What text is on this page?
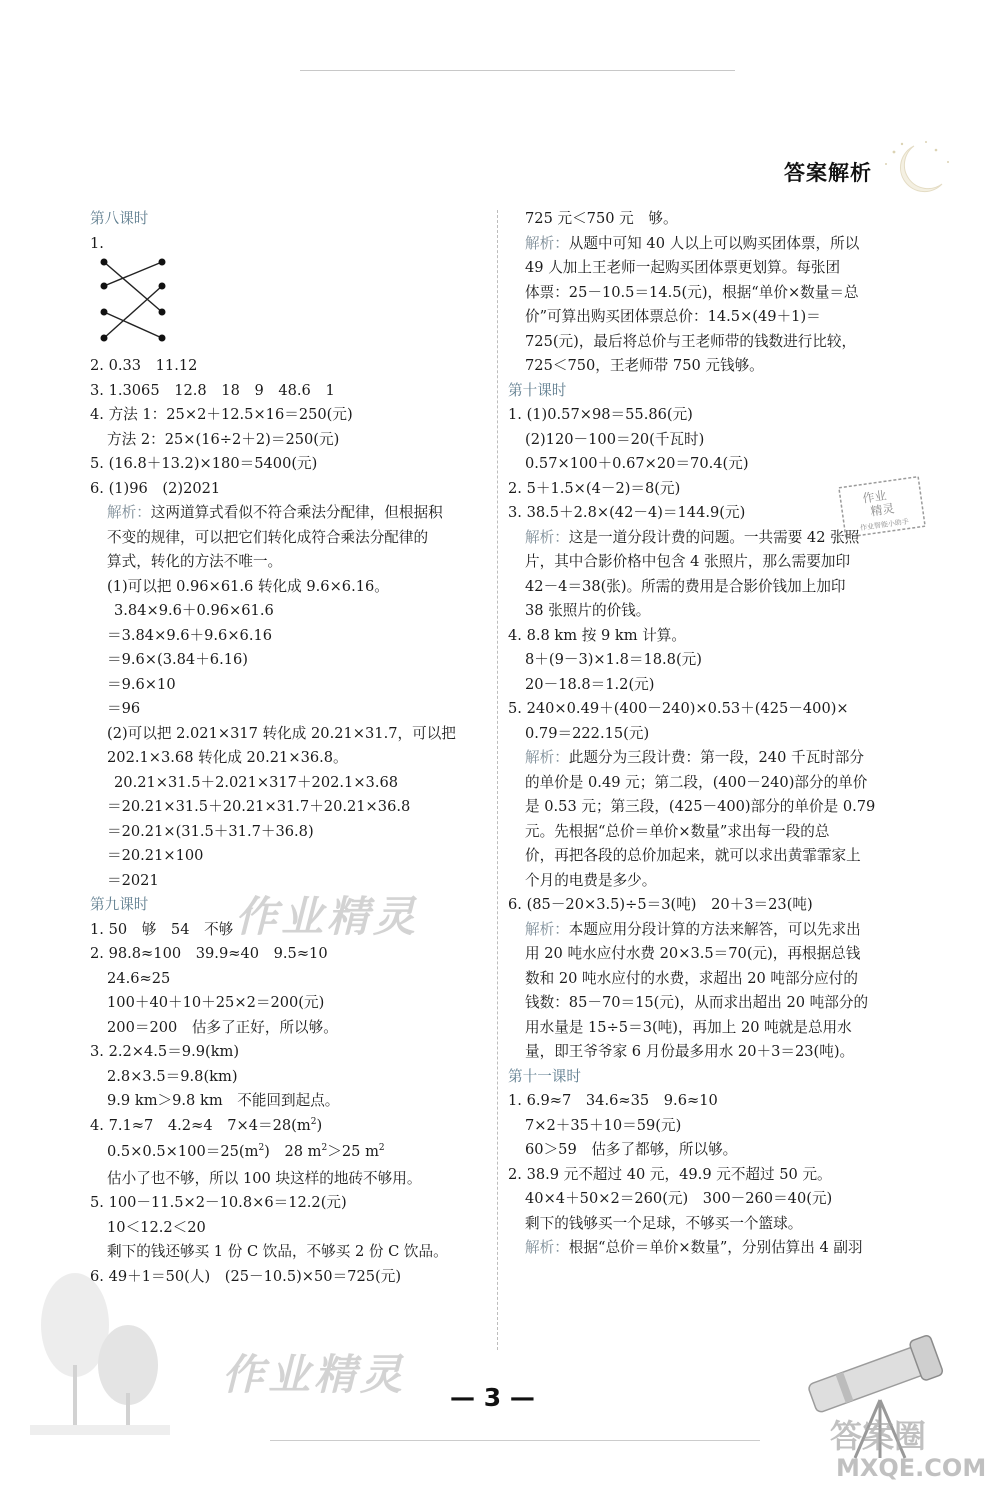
答案解析
第八课时
1.
2. 0.33　11.12
3. 1.3065　12.8　18　9　48.6　1
4. 方法 1：25×2＋12.5×16＝250(元)
方法 2：25×(16÷2＋2)＝250(元)
5. (16.8＋13.2)×180＝5400(元)
6. (1)96　(2)2021
解析：这两道算式看似不符合乘法分配律，但根据积
不变的规律，可以把它们转化成符合乘法分配律的
算式，转化的方法不唯一。
(1)可以把 0.96×61.6 转化成 9.6×6.16。
3.84×9.6＋0.96×61.6
＝3.84×9.6＋9.6×6.16
＝9.6×(3.84＋6.16)
＝9.6×10
＝96
(2)可以把 2.021×317 转化成 20.21×31.7，可以把
202.1×3.68 转化成 20.21×36.8。
20.21×31.5＋2.021×317＋202.1×3.68
＝20.21×31.5＋20.21×31.7＋20.21×36.8
＝20.21×(31.5＋31.7＋36.8)
＝20.21×100
＝2021
第九课时
1. 50　够　54　不够
2. 98.8≈100　39.9≈40　9.5≈10
24.6≈25
100＋40＋10＋25×2＝200(元)
200＝200　估多了正好，所以够。
3. 2.2×4.5＝9.9(km)
2.8×3.5＝9.8(km)
9.9 km＞9.8 km　不能回到起点。
4. 7.1≈7　4.2≈4　$7\times 4=28(m^2)$
$0.5\times 0.5\times 100=25(m^2)$　28 $m^2>25$ $m^2$
估小了也不够，所以 100 块这样的地砖不够用。
5. 100－11.5×2－10.8×6＝12.2(元)
10＜12.2＜20
剩下的钱还够买 1 份 C 饮品，不够买 2 份 C 饮品。
6. 49＋1＝50(人)　(25－10.5)×50＝725(元)
725 元＜750 元　够。
解析：从题中可知 40 人以上可以购买团体票，所以
49 人加上王老师一起购买团体票更划算。每张团
体票：25－10.5＝14.5(元)，根据“单价×数量＝总
价”可算出购买团体票总价：14.5×(49＋1)＝
725(元)，最后将总价与王老师带的钱数进行比较，
725＜750，王老师带 750 元钱够。
第十课时
1. (1)0.57×98＝55.86(元)
(2)120－100＝20(千瓦时)
0.57×100＋0.67×20＝70.4(元)
2. 5＋1.5×(4－2)＝8(元)
3. 38.5＋2.8×(42－4)＝144.9(元)
解析：这是一道分段计费的问题。一共需要 42 张照
片，其中合影价格中包含 4 张照片，那么需要加印
42－4＝38(张)。所需的费用是合影价钱加上加印
38 张照片的价钱。
4. 8.8 km 按 9 km 计算。
8＋(9－3)×1.8＝18.8(元)
20－18.8＝1.2(元)
5. 240×0.49＋(400－240)×0.53＋(425－400)×
0.79＝222.15(元)
解析：此题分为三段计费：第一段，240 千瓦时部分
的单价是 0.49 元；第二段，(400－240)部分的单价
是 0.53 元；第三段，(425－400)部分的单价是 0.79
元。先根据“总价＝单价×数量”求出每一段的总
价，再把各段的总价加起来，就可以求出黄霏霏家上
个月的电费是多少。
6. (85－20×3.5)÷5＝3(吨)　20＋3＝23(吨)
解析：本题应用分段计算的方法来解答，可以先求出
用 20 吨水应付水费 20×3.5＝70(元)，再根据总钱
数和 20 吨水应付的水费，求超出 20 吨部分应付的
钱数：85－70＝15(元)，从而求出超出 20 吨部分的
用水量是 15÷5＝3(吨)，再加上 20 吨就是总用水
量，即王爷爷家 6 月份最多用水 20＋3＝23(吨)。
第十一课时
1. 6.9≈7　34.6≈35　9.6≈10
7×2＋35＋10＝59(元)
60＞59　估多了都够，所以够。
2. 38.9 元不超过 40 元，49.9 元不超过 50 元。
40×4＋50×2＝260(元)　300－260＝40(元)
剩下的钱够买一个足球，不够买一个篮球。
解析：根据“总价＝单价×数量”，分别估算出 4 副羽
作业
精灵
作业智能小助手
作业精灵
作业精灵 — 3 —
答案圈
MXQE.COM
